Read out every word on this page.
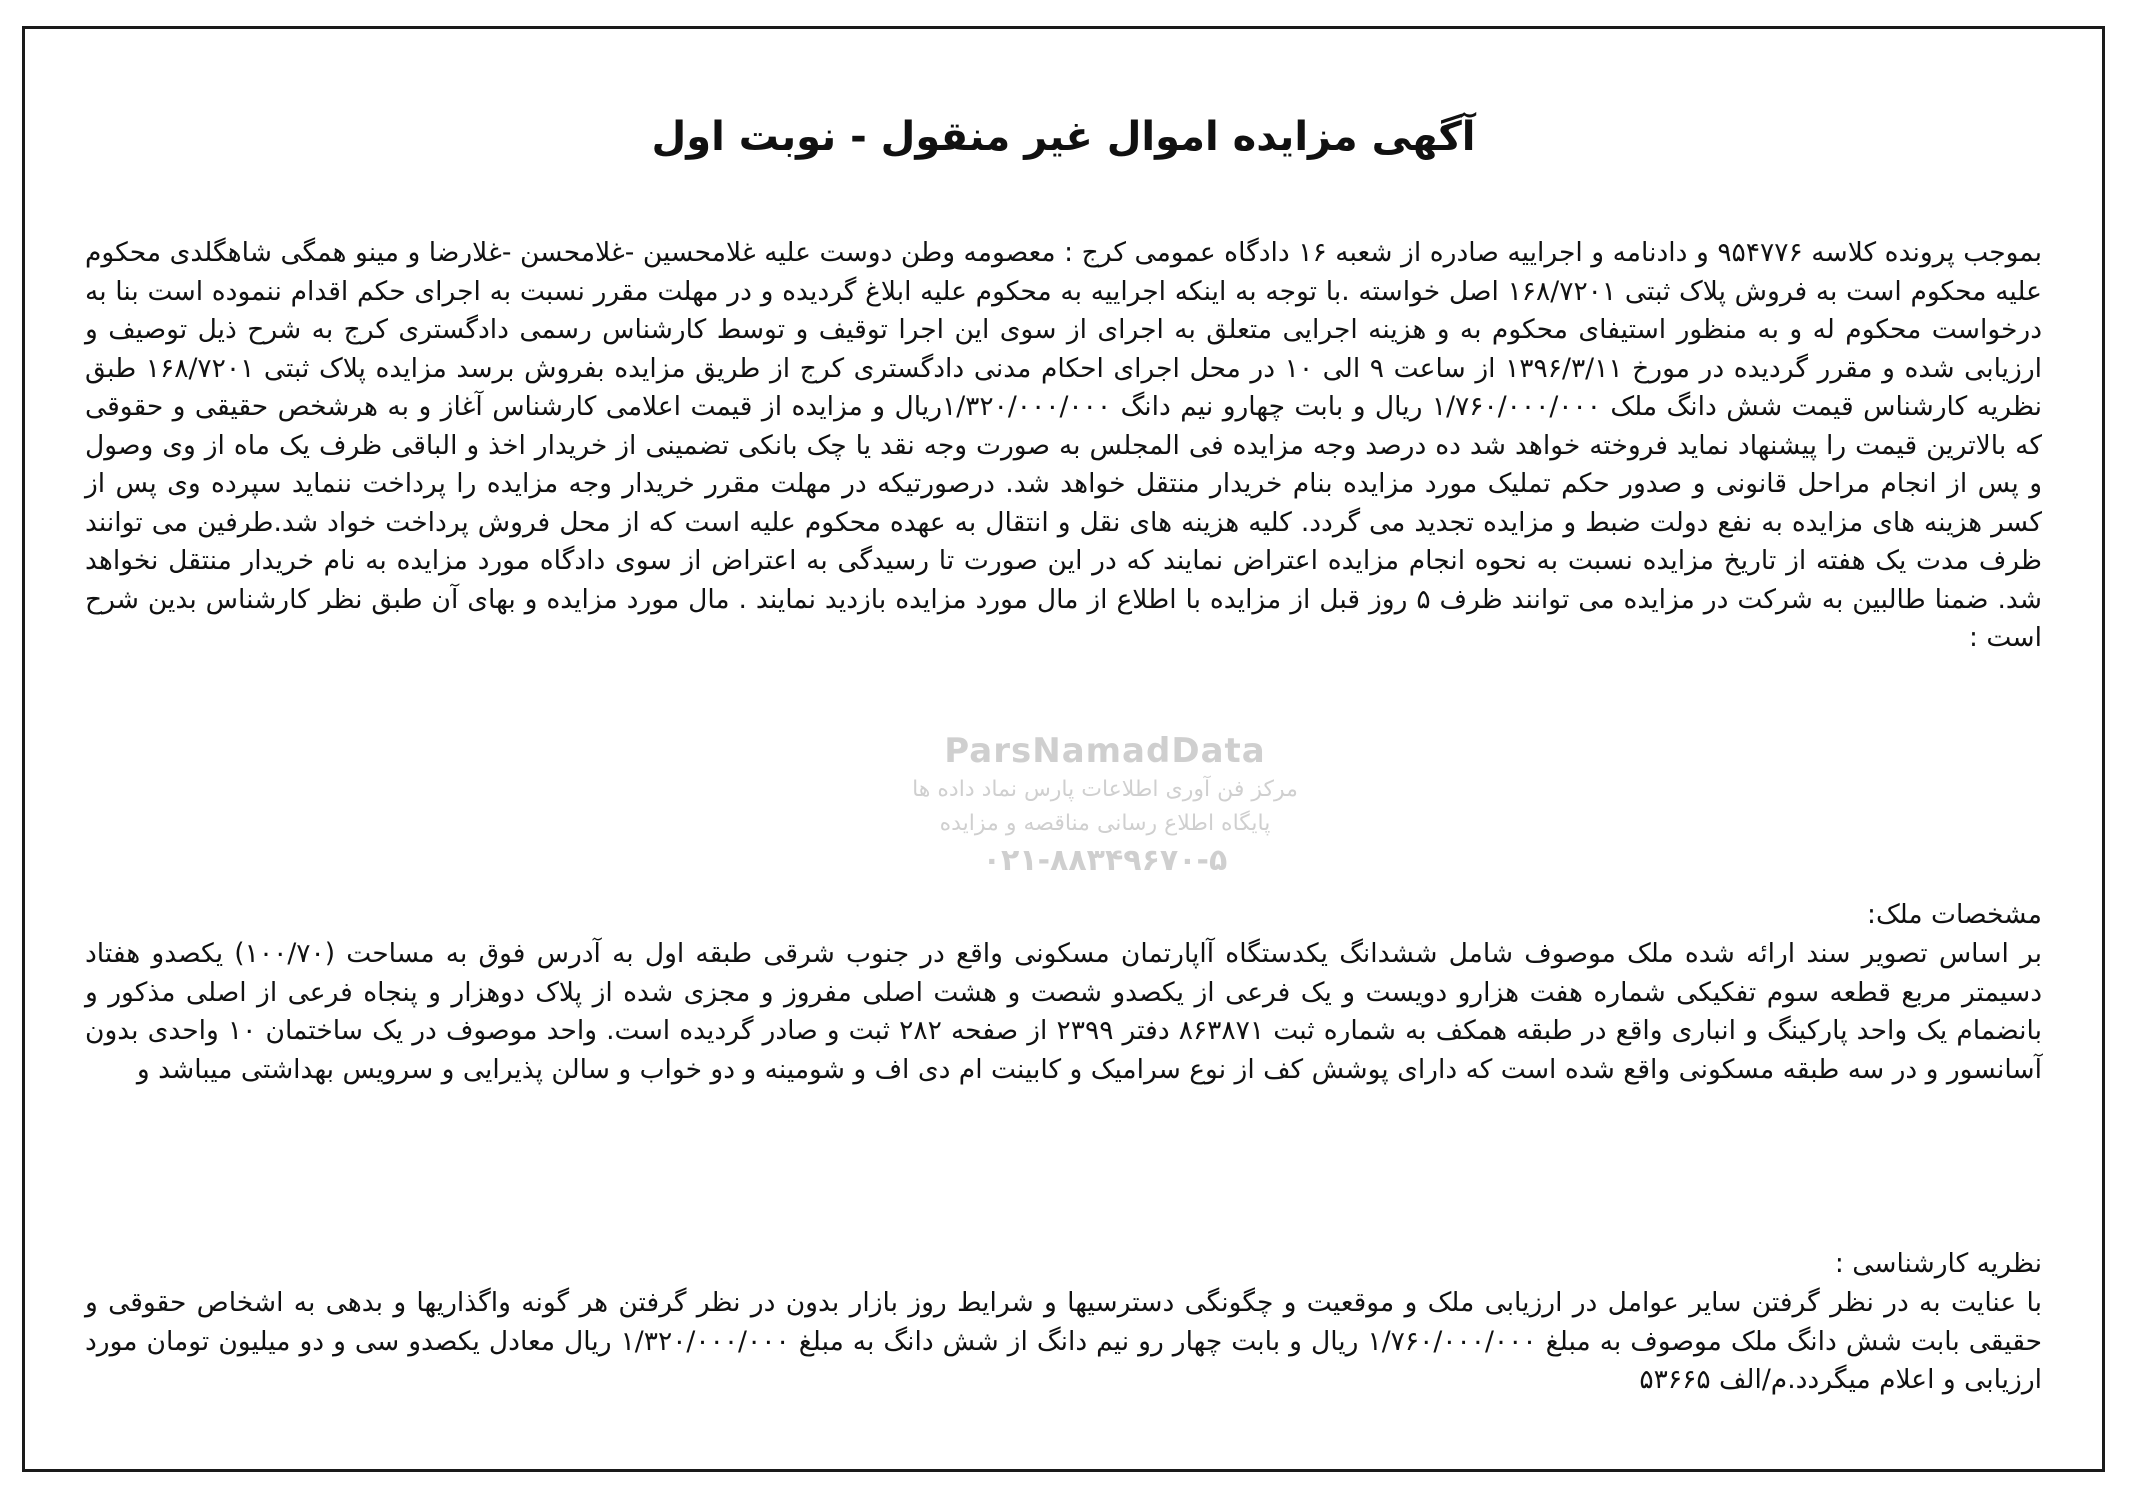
آگهی مزایده اموال غیر منقول - نوبت اول

بموجب پرونده کلاسه ۹۵۴۷۷۶ و دادنامه و اجراییه صادره از شعبه ۱۶ دادگاه عمومی کرج : معصومه وطن دوست علیه غلامحسین -غلامحسن -غلارضا و مینو همگی شاهگلدی محکوم علیه محکوم است به فروش پلاک ثبتی ۱۶۸/۷۲۰۱ اصل خواسته .با توجه به اینکه اجراییه به محکوم علیه ابلاغ گردیده و در مهلت مقرر نسبت به اجرای حکم اقدام ننموده است بنا به درخواست محکوم له و به منظور استیفای محکوم به و هزینه اجرایی متعلق به اجرای از سوی این اجرا توقیف و توسط کارشناس رسمی دادگستری کرج به شرح ذیل توصیف و ارزیابی شده و مقرر گردیده در مورخ ۱۳۹۶/۳/۱۱ از ساعت ۹ الی ۱۰ در محل اجرای احکام مدنی دادگستری کرج از طریق مزایده بفروش برسد مزایده پلاک ثبتی ۱۶۸/۷۲۰۱ طبق نظریه کارشناس قیمت شش دانگ ملک ۱/۷۶۰/۰۰۰/۰۰۰ ریال و بابت چهارو نیم دانگ ۱/۳۲۰/۰۰۰/۰۰۰ریال و مزایده از قیمت اعلامی کارشناس آغاز و به هرشخص حقیقی و حقوقی که بالاترین قیمت را پیشنهاد نماید فروخته خواهد شد ده درصد وجه مزایده فی المجلس به صورت وجه نقد یا چک بانکی تضمینی از خریدار اخذ و الباقی ظرف یک ماه از وی وصول و پس از انجام مراحل قانونی و صدور حکم تملیک مورد مزایده بنام خریدار منتقل خواهد شد. درصورتیکه در مهلت مقرر خریدار وجه مزایده را پرداخت ننماید سپرده وی پس از کسر هزینه های مزایده به نفع دولت ضبط و مزایده تجدید می گردد. کلیه هزینه های نقل و انتقال به عهده محکوم علیه است که از محل فروش پرداخت خواد شد.طرفین می توانند ظرف مدت یک هفته از تاریخ مزایده نسبت به نحوه انجام مزایده اعتراض نمایند که در این صورت تا رسیدگی به اعتراض از سوی دادگاه مورد مزایده به نام خریدار منتقل نخواهد شد. ضمنا طالبین به شرکت در مزایده می توانند ظرف ۵ روز قبل از مزایده با اطلاع از مال مورد مزایده بازدید نمایند . مال مورد مزایده و بهای آن طبق نظر کارشناس بدین شرح است :

مشخصات ملک:

بر اساس تصویر سند ارائه شده ملک موصوف شامل ششدانگ یکدستگاه آاپارتمان مسکونی واقع در جنوب شرقی طبقه اول به آدرس فوق به مساحت (۱۰۰/۷۰) یکصدو هفتاد دسیمتر مربع قطعه سوم تفکیکی شماره هفت هزارو دویست و یک فرعی از یکصدو شصت و هشت اصلی مفروز و مجزی شده از پلاک دوهزار و پنجاه فرعی از اصلی مذکور و بانضمام یک واحد پارکینگ و انباری واقع در طبقه همکف به شماره ثبت ۸۶۳۸۷۱ دفتر ۲۳۹۹ از صفحه ۲۸۲ ثبت و صادر گردیده است. واحد موصوف در یک ساختمان ۱۰ واحدی بدون آسانسور و در سه طبقه مسکونی واقع شده است که دارای پوشش کف از نوع سرامیک و کابینت ام دی اف و شومینه و دو خواب و سالن پذیرایی و سرویس بهداشتی میباشد و

نظریه کارشناسی :

با عنایت به در نظر گرفتن سایر عوامل در ارزیابی ملک و موقعیت و چگونگی دسترسیها و شرایط روز بازار بدون در نظر گرفتن هر گونه واگذاریها و بدهی به اشخاص حقوقی و حقیقی بابت شش دانگ ملک موصوف به مبلغ ۱/۷۶۰/۰۰۰/۰۰۰ ریال و بابت چهار رو نیم دانگ از شش دانگ به مبلغ ۱/۳۲۰/۰۰۰/۰۰۰ ریال معادل یکصدو سی و دو میلیون تومان مورد ارزیابی و اعلام میگردد.م/الف ۵۳۶۶۵

ParsNamadData
مرکز فن آوری اطلاعات پارس نماد داده ها
پایگاه اطلاع رسانی مناقصه و مزایده
۰۲۱-۸۸۳۴۹۶۷۰-۵
